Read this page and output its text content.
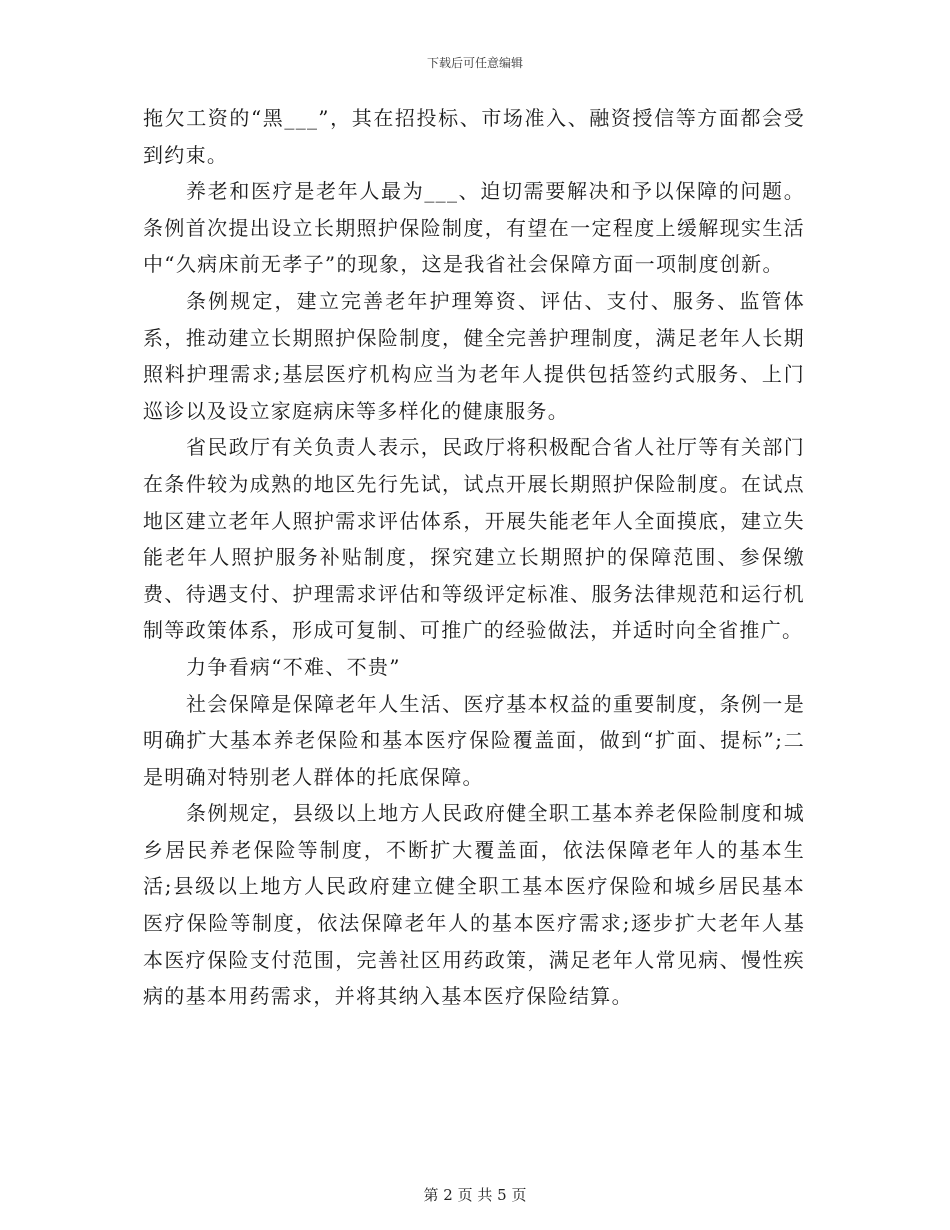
下载后可任意编辑

拖欠工资的“黑___”，其在招投标、市场准入、融资授信等方面都会受到约束。

养老和医疗是老年人最为___、迫切需要解决和予以保障的问题。条例首次提出设立长期照护保险制度，有望在一定程度上缓解现实生活中“久病床前无孝子”的现象，这是我省社会保障方面一项制度创新。

条例规定，建立完善老年护理筹资、评估、支付、服务、监管体系，推动建立长期照护保险制度，健全完善护理制度，满足老年人长期照料护理需求;基层医疗机构应当为老年人提供包括签约式服务、上门巡诊以及设立家庭病床等多样化的健康服务。

省民政厅有关负责人表示，民政厅将积极配合省人社厅等有关部门在条件较为成熟的地区先行先试，试点开展长期照护保险制度。在试点地区建立老年人照护需求评估体系，开展失能老年人全面摸底，建立失能老年人照护服务补贴制度，探究建立长期照护的保障范围、参保缴费、待遇支付、护理需求评估和等级评定标准、服务法律规范和运行机制等政策体系，形成可复制、可推广的经验做法，并适时向全省推广。

力争看病“不难、不贵”

社会保障是保障老年人生活、医疗基本权益的重要制度，条例一是明确扩大基本养老保险和基本医疗保险覆盖面，做到“扩面、提标”;二是明确对特别老人群体的托底保障。

条例规定，县级以上地方人民政府健全职工基本养老保险制度和城乡居民养老保险等制度，不断扩大覆盖面，依法保障老年人的基本生活;县级以上地方人民政府建立健全职工基本医疗保险和城乡居民基本医疗保险等制度，依法保障老年人的基本医疗需求;逐步扩大老年人基本医疗保险支付范围，完善社区用药政策，满足老年人常见病、慢性疾病的基本用药需求，并将其纳入基本医疗保险结算。

第 2 页 共 5 页
